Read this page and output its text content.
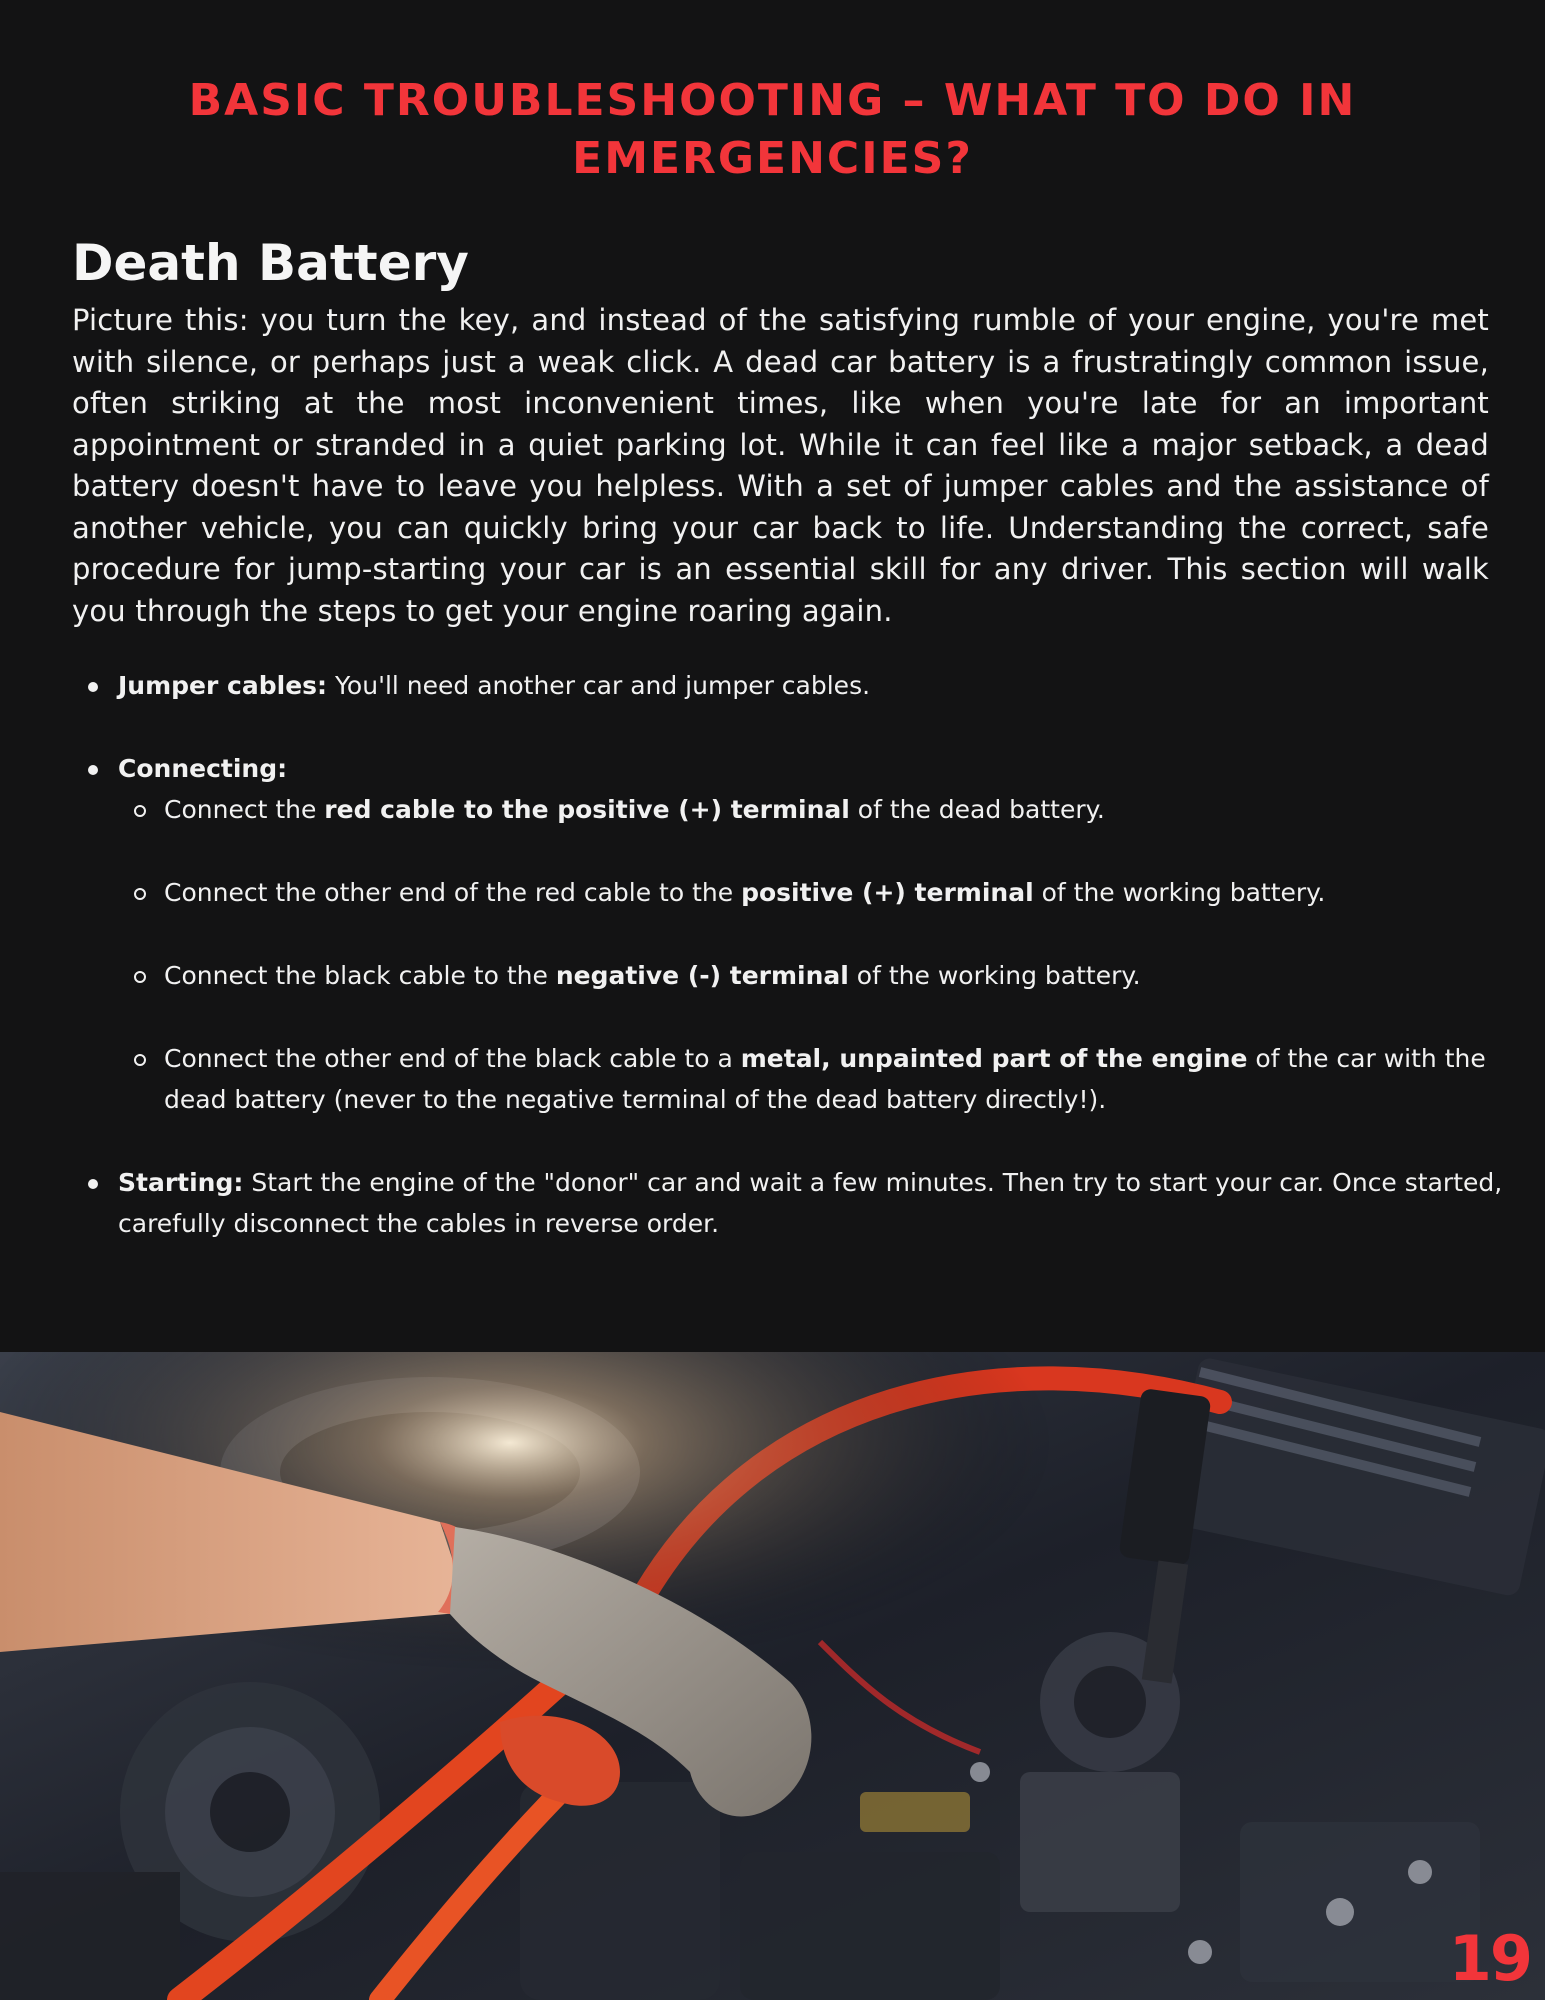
BASIC TROUBLESHOOTING – WHAT TO DO IN EMERGENCIES?
Death Battery

Picture this: you turn the key, and instead of the satisfying rumble of your engine, you're met with silence, or perhaps just a weak click. A dead car battery is a frustratingly common issue, often striking at the most inconvenient times, like when you're late for an important appointment or stranded in a quiet parking lot. While it can feel like a major setback, a dead battery doesn't have to leave you helpless. With a set of jumper cables and the assistance of another vehicle, you can quickly bring your car back to life. Understanding the correct, safe procedure for jump-starting your car is an essential skill for any driver. This section will walk you through the steps to get your engine roaring again.

Jumper cables: You'll need another car and jumper cables.
Connecting:
Connect the red cable to the positive (+) terminal of the dead battery.
Connect the other end of the red cable to the positive (+) terminal of the working battery.
Connect the black cable to the negative (-) terminal of the working battery.
Connect the other end of the black cable to a metal, unpainted part of the engine of the car with the dead battery (never to the negative terminal of the dead battery directly!).
Starting: Start the engine of the "donor" car and wait a few minutes. Then try to start your car. Once started, carefully disconnect the cables in reverse order.
19
